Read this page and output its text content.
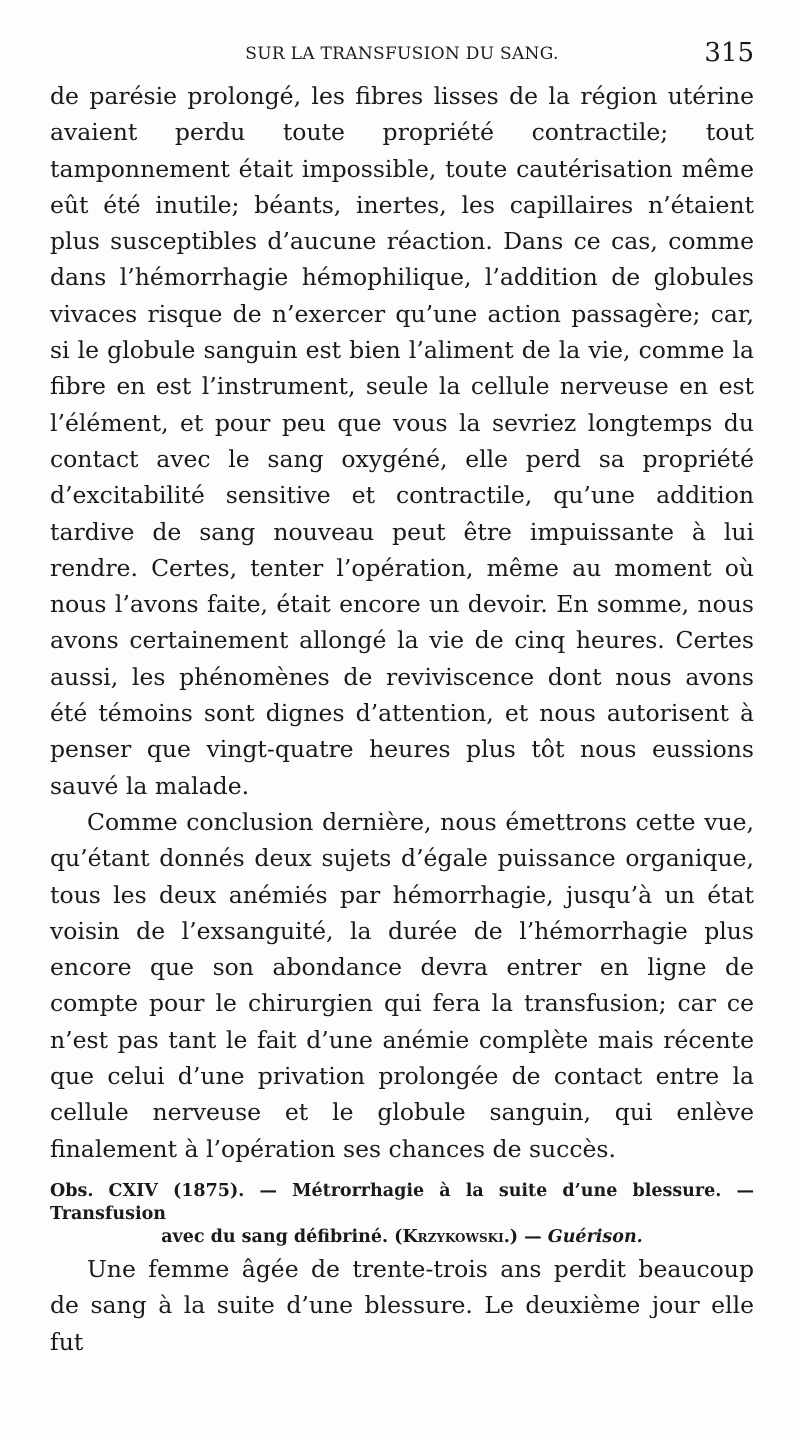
SUR LA TRANSFUSION DU SANG.	315

de parésie prolongé, les fibres lisses de la région utérine avaient perdu toute propriété contractile; tout tamponnement était impossible, toute cautérisation même eût été inutile; béants, inertes, les capillaires n’étaient plus susceptibles d’aucune réaction. Dans ce cas, comme dans l’hémorrhagie hémophilique, l’addition de globules vivaces risque de n’exercer qu’une action passagère; car, si le globule sanguin est bien l’aliment de la vie, comme la fibre en est l’instrument, seule la cellule nerveuse en est l’élément, et pour peu que vous la sevriez longtemps du contact avec le sang oxygéné, elle perd sa propriété d’excitabilité sensitive et contractile, qu’une addition tardive de sang nouveau peut être impuissante à lui rendre. Certes, tenter l’opération, même au moment où nous l’avons faite, était encore un devoir. En somme, nous avons certainement allongé la vie de cinq heures. Certes aussi, les phénomènes de reviviscence dont nous avons été témoins sont dignes d’attention, et nous autorisent à penser que vingt-quatre heures plus tôt nous eussions sauvé la malade.

Comme conclusion dernière, nous émettrons cette vue, qu’étant donnés deux sujets d’égale puissance organique, tous les deux anémiés par hémorrhagie, jusqu’à un état voisin de l’exsanguité, la durée de l’hémorrhagie plus encore que son abondance devra entrer en ligne de compte pour le chirurgien qui fera la transfusion; car ce n’est pas tant le fait d’une anémie complète mais récente que celui d’une privation prolongée de contact entre la cellule nerveuse et le globule sanguin, qui enlève finalement à l’opération ses chances de succès.

Obs. CXIV (1875). — Métrorrhagie à la suite d’une blessure. — Transfusion

avec du sang défibriné. (Krzykowski.) — Guérison.

Une femme âgée de trente-trois ans perdit beaucoup de sang à la suite d’une blessure. Le deuxième jour elle fut
